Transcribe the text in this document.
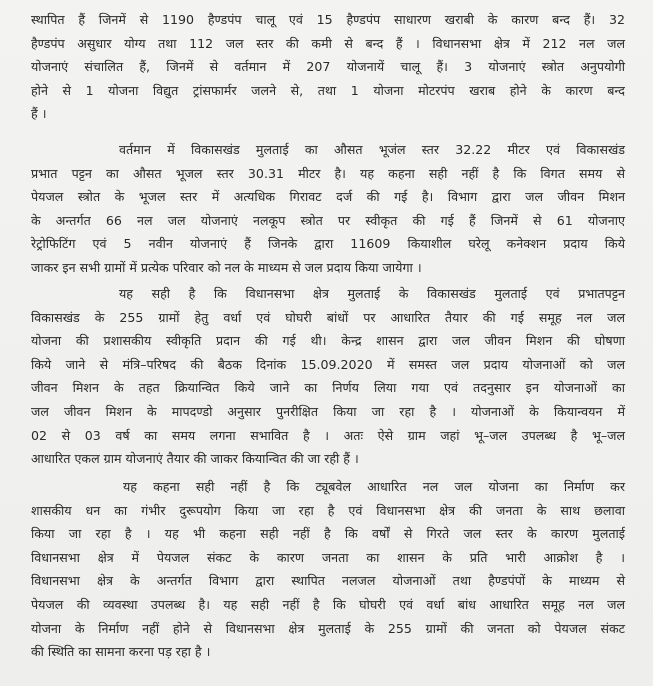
स्थापित हैं जिनमें से 1190 हैण्डपंप चालू एवं 15 हैण्डपंप साधारण खराबी के कारण बन्द हैं। 32
हैण्डपंप असुधार योग्य तथा 112 जल स्तर की कमी से बन्द हैं । विधानसभा क्षेत्र में 212 नल जल
योजनाएं संचालित हैं, जिनमें से वर्तमान में 207 योजनायें चालू हैं। 3 योजनाएं स्त्रोत अनुपयोगी
होने से 1 योजना विद्युत ट्रांसफार्मर जलने से, तथा 1 योजना मोटरपंप खराब होने के कारण बन्द
हैं ।
वर्तमान में विकासखंड मुलताई का औसत भूजंल स्तर 32.22 मीटर एवं विकासखंड
प्रभात पट्टन का औसत भूजल स्तर 30.31 मीटर है। यह कहना सही नहीं है कि विगत समय से
पेयजल स्त्रोत के भूजल स्तर में अत्यधिक गिरावट दर्ज की गई है। विभाग द्वारा जल जीवन मिशन
के अन्तर्गत 66 नल जल योजनाएं नलकूप स्त्रोत पर स्वीकृत की गई हैं जिनमें से 61 योजनाए
रेट्रोफिटिंग एवं 5 नवीन योजनाएं हैं जिनके द्वारा 11609 कियाशील घरेलू कनेक्शन प्रदाय किये
जाकर इन सभी ग्रामों में प्रत्येक परिवार को नल के माध्यम से जल प्रदाय किया जायेगा ।
यह सही है कि विधानसभा क्षेत्र मुलताई के विकासखंड मुलताई एवं प्रभातपट्टन
विकासखंड के 255 ग्रामों हेतु वर्धा एवं घोघरी बांधों पर आधारित तैयार की गई समूह नल जल
योजना की प्रशासकीय स्वीकृति प्रदान की गई थी। केन्द्र शासन द्वारा जल जीवन मिशन की घोषणा
किये जाने से मंत्रि–परिषद की बैठक दिनांक 15.09.2020 में समस्त जल प्रदाय योजनाओं को जल
जीवन मिशन के तहत क्रियान्वित किये जाने का निर्णय लिया गया एवं तदनुसार इन योजनाओं का
जल जीवन मिशन के मापदण्डो अनुसार पुनरीक्षित किया जा रहा है । योजनाओं के कियान्वयन में
02 से 03 वर्ष का समय लगना सभावित है । अतः ऐसे ग्राम जहां भू–जल उपलब्ध है भू–जल
आधारित एकल ग्राम योजनाएं तैयार की जाकर कियान्वित की जा रही हैं ।
यह कहना सही नहीं है कि ट्यूबवेल आधारित नल जल योजना का निर्माण कर
शासकीय धन का गंभीर दुरूपयोग किया जा रहा है एवं विधानसभा क्षेत्र की जनता के साथ छलावा
किया जा रहा है । यह भी कहना सही नहीं है कि वर्षों से गिरते जल स्तर के कारण मुलताई
विधानसभा क्षेत्र में पेयजल संकट के कारण जनता का शासन के प्रति भारी आक्रोश है ।
विधानसभा क्षेत्र के अन्तर्गत विभाग द्वारा स्थापित नलजल योजनाओं तथा हैण्डपंपों के माध्यम से
पेयजल की व्यवस्था उपलब्ध है। यह सही नहीं है कि घोघरी एवं वर्धा बांध आधारित समूह नल जल
योजना के निर्माण नहीं होने से विधानसभा क्षेत्र मुलताई के 255 ग्रामों की जनता को पेयजल संकट
की स्थिति का सामना करना पड़ रहा है ।
